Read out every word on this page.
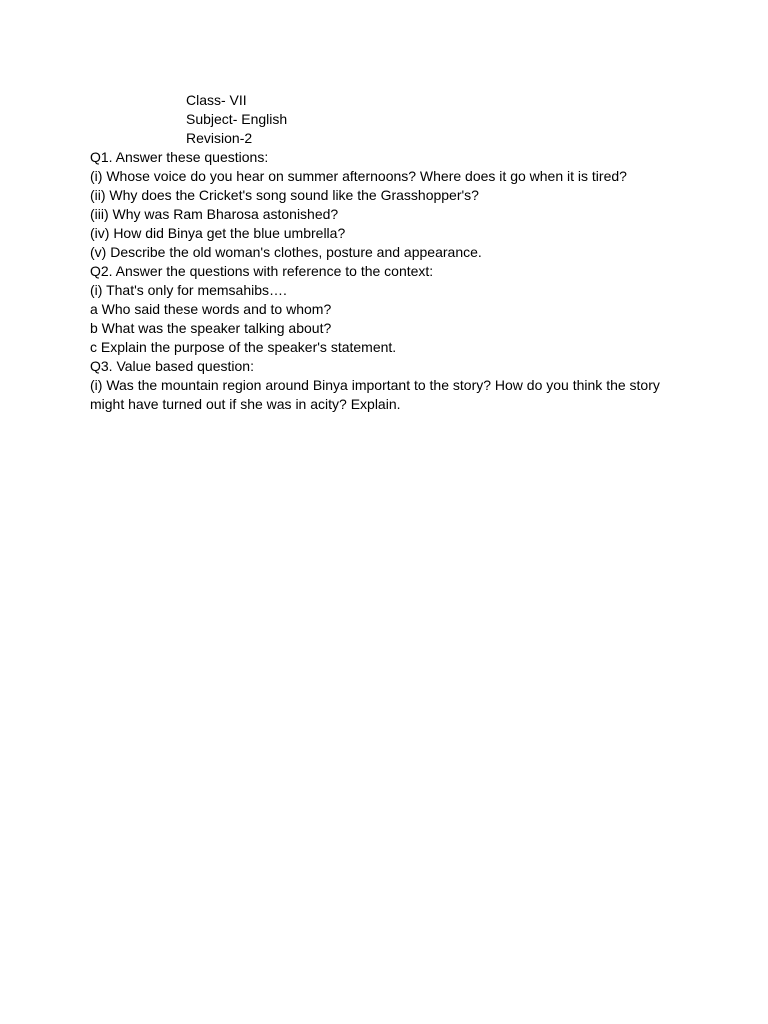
Class- VII
Subject- English
Revision-2
Q1. Answer these questions:
(i) Whose voice do you hear on summer afternoons? Where does it go when it is tired?
(ii) Why does the Cricket's song sound like the Grasshopper's?
(iii) Why was Ram Bharosa astonished?
(iv) How did Binya get the blue umbrella?
(v) Describe the old woman's clothes, posture and appearance.
Q2. Answer the questions with reference to the context:
(i) That's only for memsahibs….
a Who said these words and to whom?
b What was the speaker talking about?
c Explain the purpose of the speaker's statement.
Q3. Value based question:
(i) Was the mountain region around Binya important to the story? How do you think the story might have turned out if she was in acity? Explain.
